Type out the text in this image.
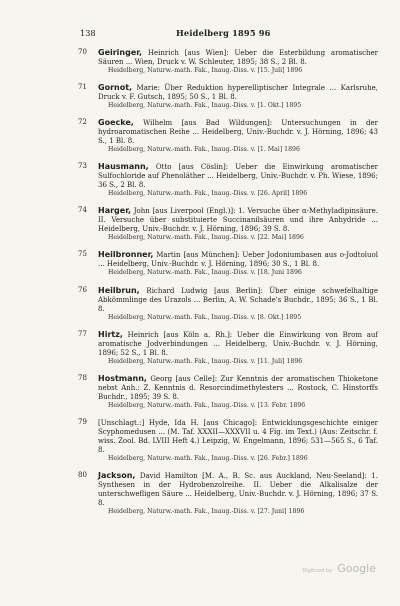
138	Heidelberg 1895 96
70 Geiringer, Heinrich [aus Wien]: Ueber die Esterbildung aromatischer Säuren ... Wien, Druck v. W. Schleuter, 1895; 38 S., 2 Bl. 8.
Heidelberg, Naturw.-math. Fak., Inaug.-Diss. v. [15. Juli] 1896
71 Gornot, Marie: Über Reduktion hyperelliptischer Integrale ... Karlsruhe, Druck v. F. Gutsch, 1895; 50 S., 1 Bl. 8.
Heidelberg, Naturw.-math. Fak., Inaug.-Diss. v. [1. Okt.] 1895
72 Goecke, Wilhelm [aus Bad Wildungen]: Untersuchungen in der hydroaromatischen Reihe ... Heidelberg, Univ.-Buchdr. v. J. Hörning, 1896; 43 S., 1 Bl. 8.
Heidelberg, Naturw.-math. Fak., Inaug.-Diss. v. [1. Mai] 1896
73 Hausmann, Otto [aus Cöslin]: Ueber die Einwirkung aromatischer Sulfochloride auf Phenoläther ... Heidelberg, Univ.-Buchdr. v. Ph. Wiese, 1896; 36 S., 2 Bl. 8.
Heidelberg, Naturw.-math. Fak., Inaug.-Diss. v. [26. April] 1896
74 Harger, John [aus Liverpool (Engl.)]: 1. Versuche über α-Methyladipinsäure. II. Versuche über substituierte Succinanilsäuren und ihre Anhydride ... Heidelberg, Univ.-Buchdr. v. J. Hörning, 1896; 39 S. 8.
Heidelberg, Naturw.-math. Fak., Inaug.-Diss. v. [22. Mai] 1896
75 Heilbronner, Martin [aus München]: Ueber Jodoniumbasen aus o-Jodtoluol ... Heidelberg, Univ.-Buchdr. v. J. Hörning, 1896; 30 S., 1 Bl. 8.
Heidelberg, Naturw.-math. Fak., Inaug.-Diss. v. [18. Juni 1896
76 Heilbrun, Richard Ludwig [aus Berlin]: Über einige schwefelhaltige Abkömmlinge des Urazols ... Berlin, A. W. Schade's Buchdr., 1895; 36 S., 1 Bl. 8.
Heidelberg, Naturw.-math. Fak., Inaug.-Diss. v. [8. Okt.] 1895
77 Hirtz, Heinrich [aus Köln a. Rh.]: Ueber die Einwirkung von Brom auf aromatische Jodverbindungen ... Heidelberg, Univ.-Buchdr. v. J. Hörning, 1896; 52 S., 1 Bl. 8.
Heidelberg, Naturw.-math. Fak., Inaug.-Diss. v. [11. Juli] 1896
78 Hostmann, Georg [aus Celle]: Zur Kenntnis der aromatischen Thioketone nebst Anh.: Z. Kenntnis d. Resorcindimethylesters ... Rostock, C. Hinstorffs Buchdr., 1895; 39 S. 8.
Heidelberg, Naturw.-math. Fak., Inaug.-Diss. v. [13. Febr. 1896
79 [Unschlagt.:] Hyde, Ida H. [aus Chicago]: Entwicklungsgeschichte einiger Scyphomedusen ... (M. Taf. XXXII—XXXVII u. 4 Fig. im Text.) (Aus: Zeitschr. f. wiss. Zool. Bd. LVIII Heft 4.) Leipzig, W. Engelmann, 1896; 531—565 S., 6 Taf. 8.
Heidelberg, Naturw.-math. Fak., Inaug.-Diss. v. [26. Febr.] 1896
80 Jackson, David Hamilton [M. A., B. Sc. aus Auckland, Neu-Seeland]: 1. Synthesen in der Hydrobenzolreihe. II. Ueber die Alkalisalze der unterschwefligen Säure ... Heidelberg, Univ.-Buchdr. v. J. Hörning, 1896; 37 S. 8.
Heidelberg, Naturw.-math. Fak., Inaug.-Diss. v. [27. Juni] 1896
Digitized by Google
